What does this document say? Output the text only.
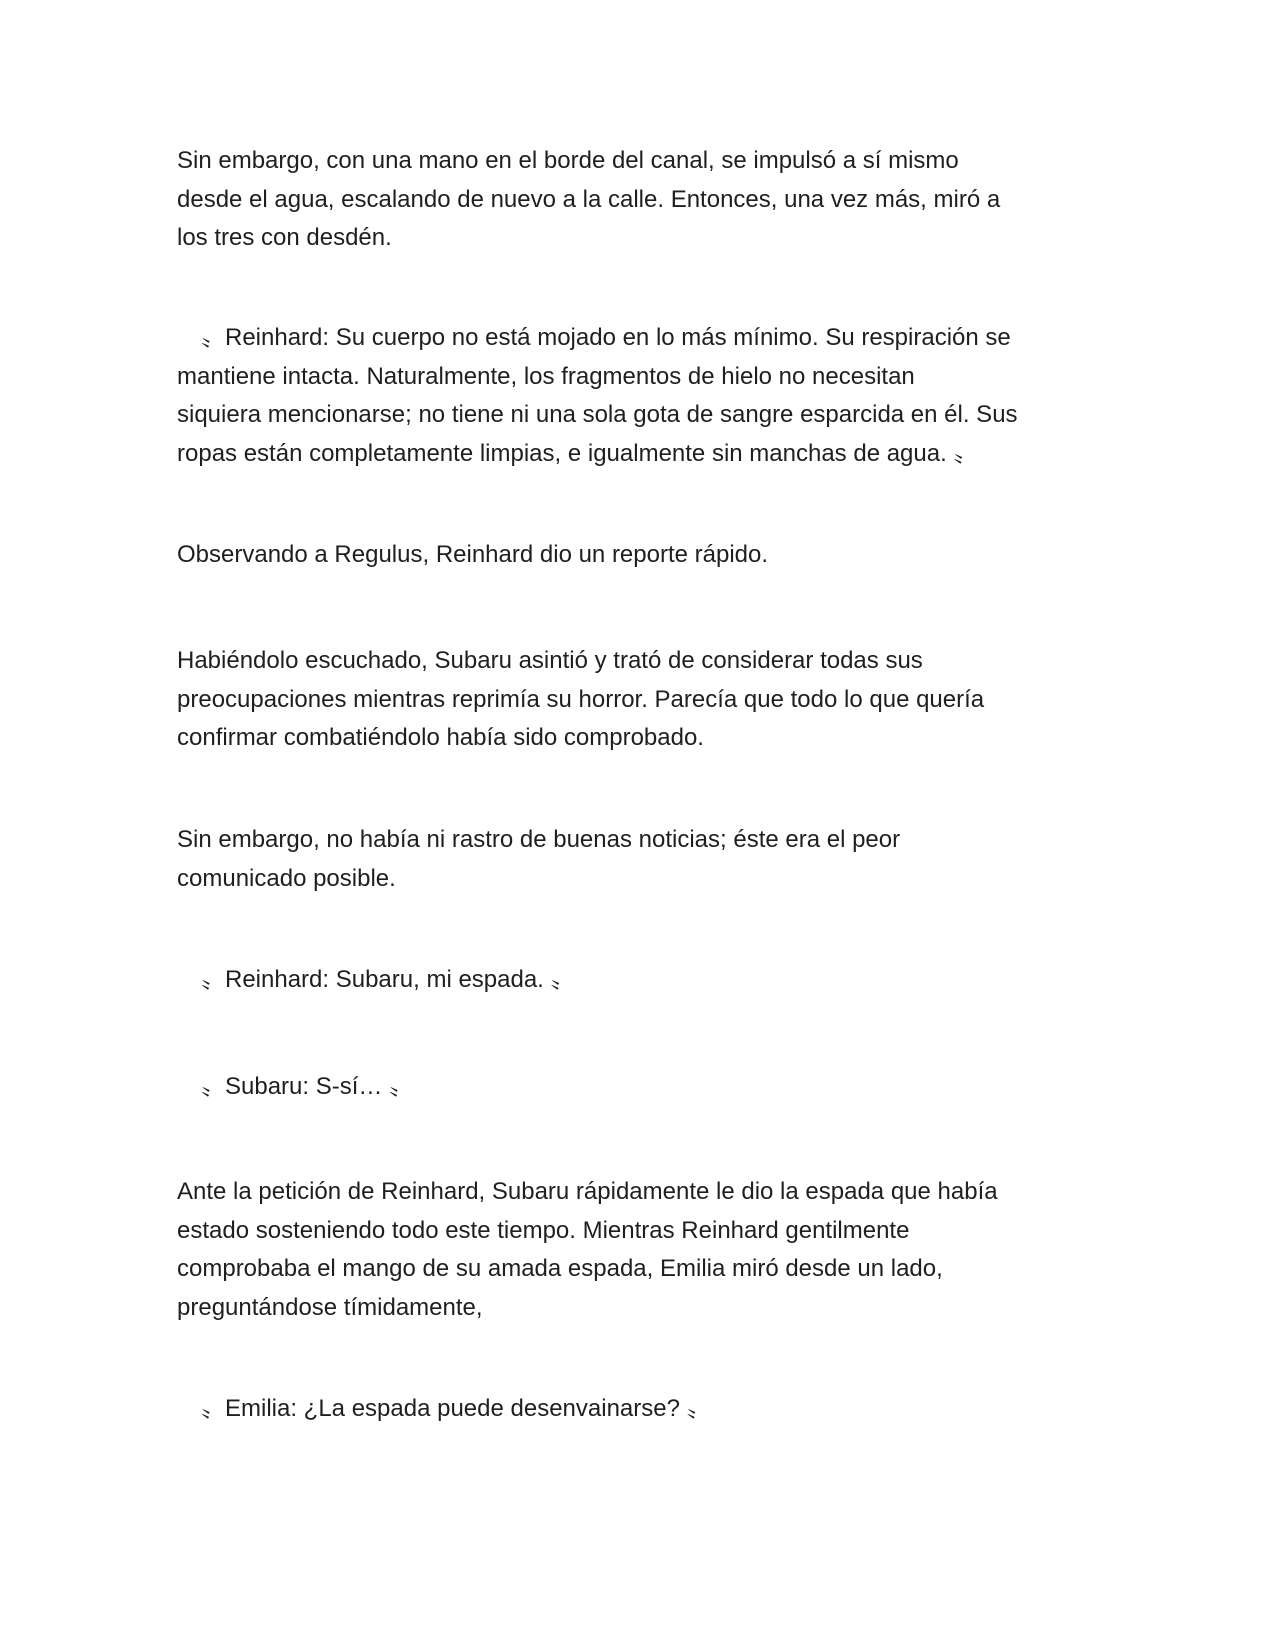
Sin embargo, con una mano en el borde del canal, se impulsó a sí mismo
desde el agua, escalando de nuevo a la calle. Entonces, una vez más, miró a
los tres con desdén.

　〟Reinhard: Su cuerpo no está mojado en lo más mínimo. Su respiración se
mantiene intacta. Naturalmente, los fragmentos de hielo no necesitan
siquiera mencionarse; no tiene ni una sola gota de sangre esparcida en él. Sus
ropas están completamente limpias, e igualmente sin manchas de agua. 〟

Observando a Regulus, Reinhard dio un reporte rápido.

Habiéndolo escuchado, Subaru asintió y trató de considerar todas sus
preocupaciones mientras reprimía su horror. Parecía que todo lo que quería
confirmar combatiéndolo había sido comprobado.

Sin embargo, no había ni rastro de buenas noticias; éste era el peor
comunicado posible.

　〟Reinhard: Subaru, mi espada. 〟

　〟Subaru: S-sí… 〟

Ante la petición de Reinhard, Subaru rápidamente le dio la espada que había
estado sosteniendo todo este tiempo. Mientras Reinhard gentilmente
comprobaba el mango de su amada espada, Emilia miró desde un lado,
preguntándose tímidamente,

　〟Emilia: ¿La espada puede desenvainarse? 〟
